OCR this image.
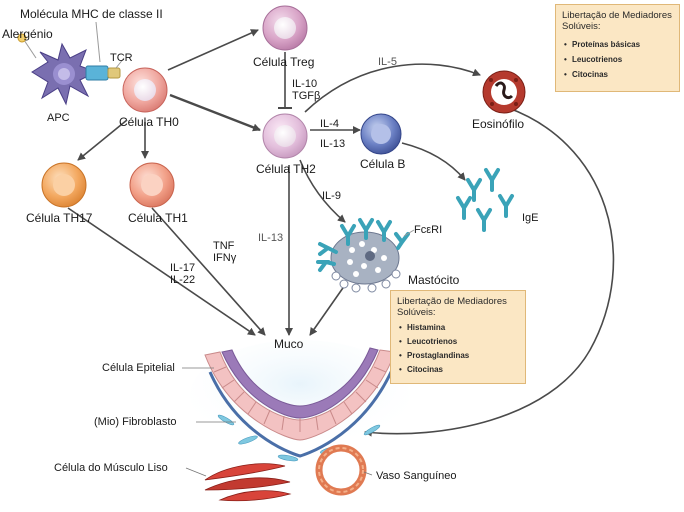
Molécula MHC de classe II
Alergénio
TCR
APC	Célula TH0
Célula Treg
IL-10
TGFβ
IL-5
Eosinófilo
Célula TH2
IL-4
IL-13
Célula B
Célula TH17	Célula TH1
IL-9
FcεRI
IgE
IL-13
TNF
IFNγ
IL-17
IL-22	Mastócito
Muco
Célula Epitelial
(Mio) Fibroblasto
Célula do Músculo Liso
Vaso Sanguíneo
Libertação de Mediadores Solúveis:
• Proteínas básicas
• Leucotrienos
• Citocinas
Libertação de Mediadores Solúveis:
• Histamina
• Leucotrienos
• Prostaglandinas
• Citocinas
